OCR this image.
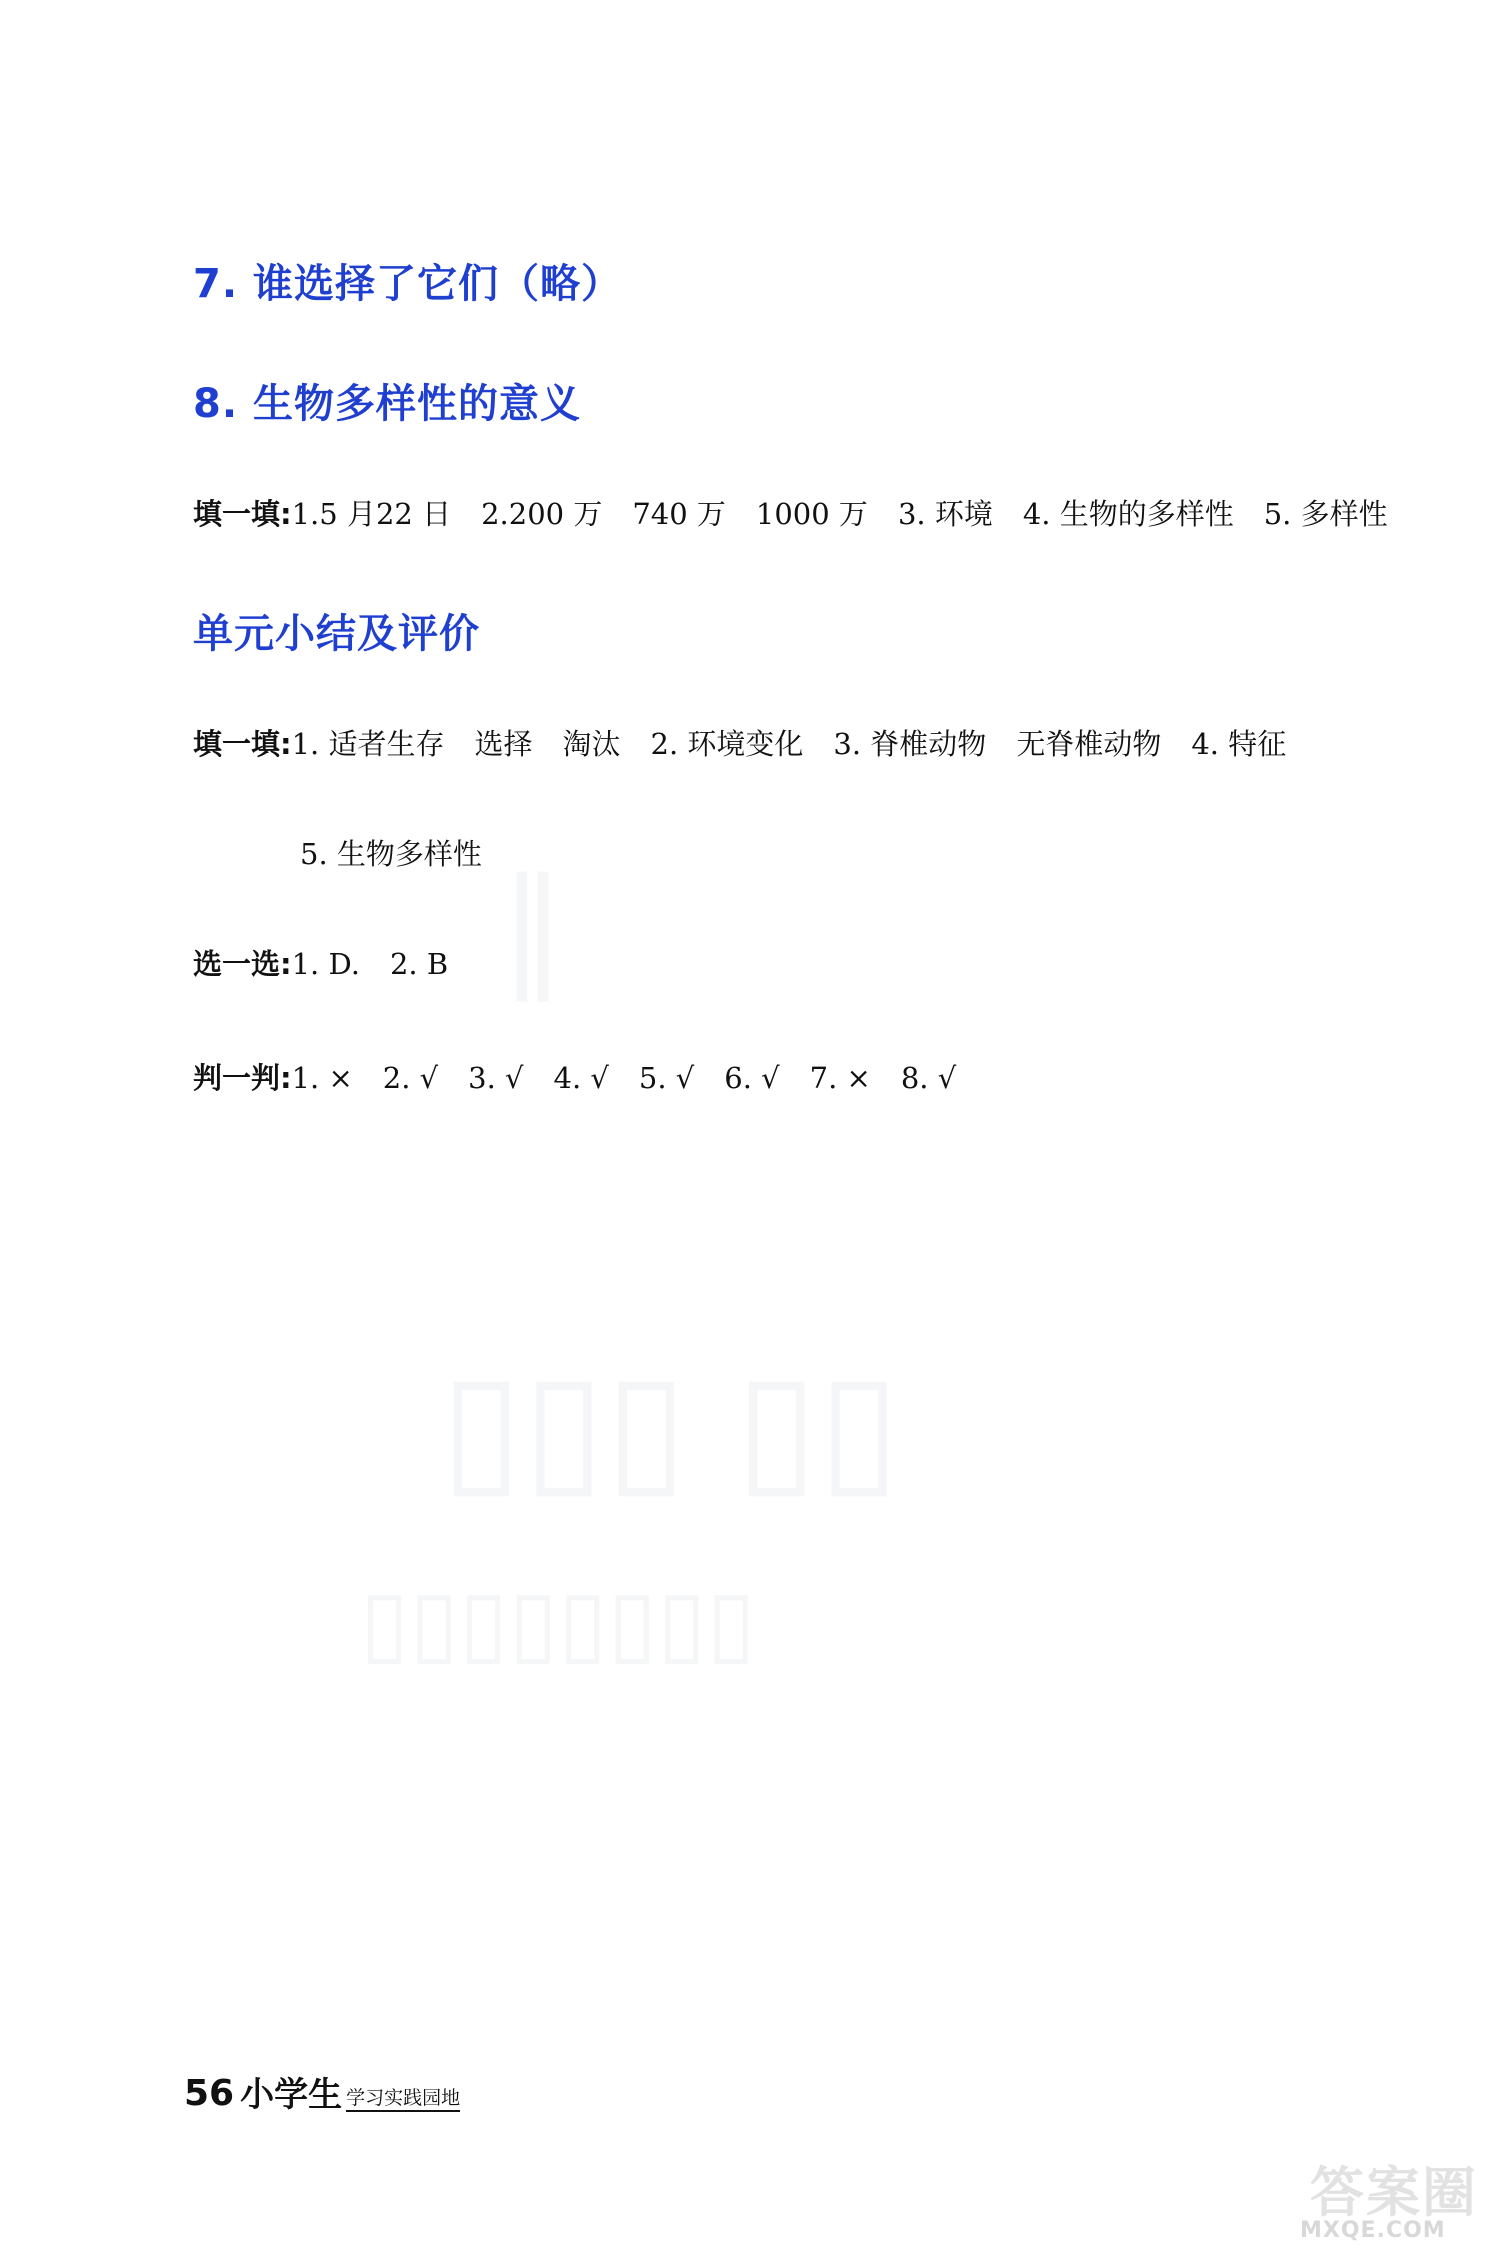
‖
▯▯▯ ▯▯
▯▯▯▯▯▯▯▯
7. 谁选择了它们（略）
8. 生物多样性的意义
填一填:1.5 月22 日 2.200 万 740 万 1000 万 3. 环境 4. 生物的多样性 5. 多样性
单元小结及评价
填一填:1. 适者生存 选择 淘汰 2. 环境变化 3. 脊椎动物 无脊椎动物 4. 特征
5. 生物多样性
选一选:1. D. 2. B
判一判:1. × 2. √ 3. √ 4. √ 5. √ 6. √ 7. × 8. √
56 小学生 学习实践园地
答案圈
MXQE.COM
